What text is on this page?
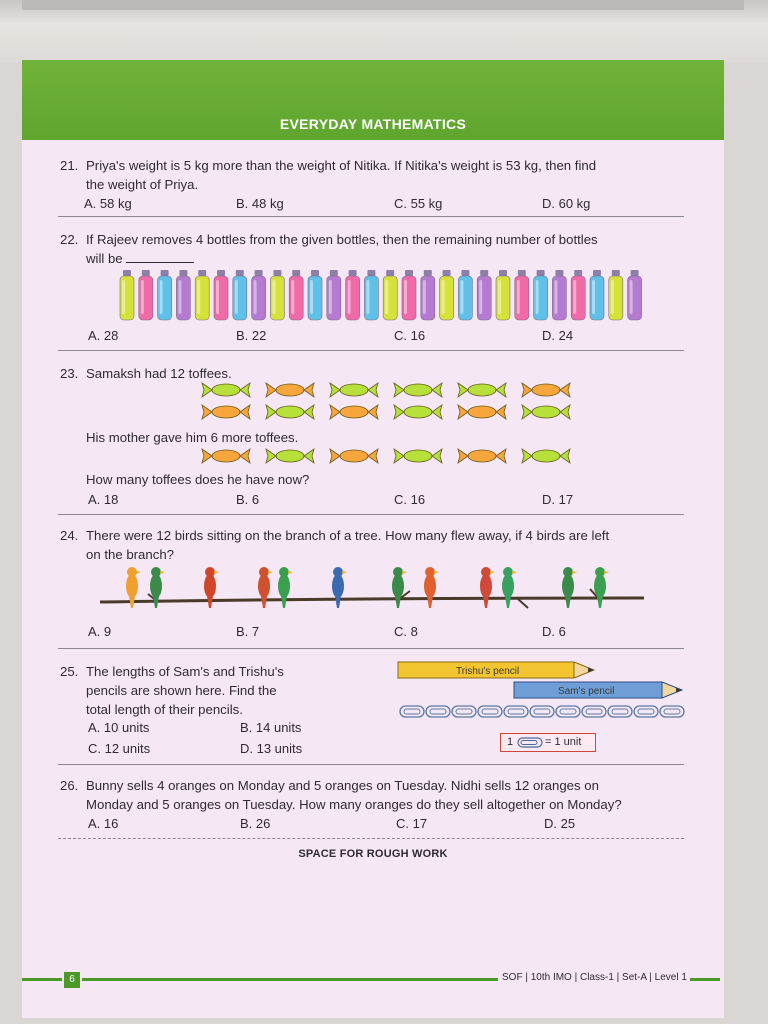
EVERYDAY MATHEMATICS

21. Priya's weight is 5 kg more than the weight of Nitika. If Nitika's weight is 53 kg, then find

the weight of Priya.

A. 58 kg	B. 48 kg	C. 55 kg	D. 60 kg

22. If Rajeev removes 4 bottles from the given bottles, then the remaining number of bottles

will be

A. 28	B. 22	C. 16	D. 24

23. Samaksh had 12 toffees.

His mother gave him 6 more toffees.

How many toffees does he have now?

A. 18	B. 6	C. 16	D. 17

24. There were 12 birds sitting on the branch of a tree. How many flew away, if 4 birds are left

on the branch?

A. 9	B. 7	C. 8	D. 6

25. The lengths of Sam's and Trishu's

pencils are shown here. Find the

total length of their pencils.

A. 10 units	B. 14 units
C. 12 units	D. 13 units
Trishu's pencil
Sam's pencil
1	= 1 unit

26. Bunny sells 4 oranges on Monday and 5 oranges on Tuesday. Nidhi sells 12 oranges on

Monday and 5 oranges on Tuesday. How many oranges do they sell altogether on Monday?

A. 16	B. 26	C. 17	D. 25
SPACE FOR ROUGH WORK
6	SOF | 10th IMO | Class-1 | Set-A | Level 1
